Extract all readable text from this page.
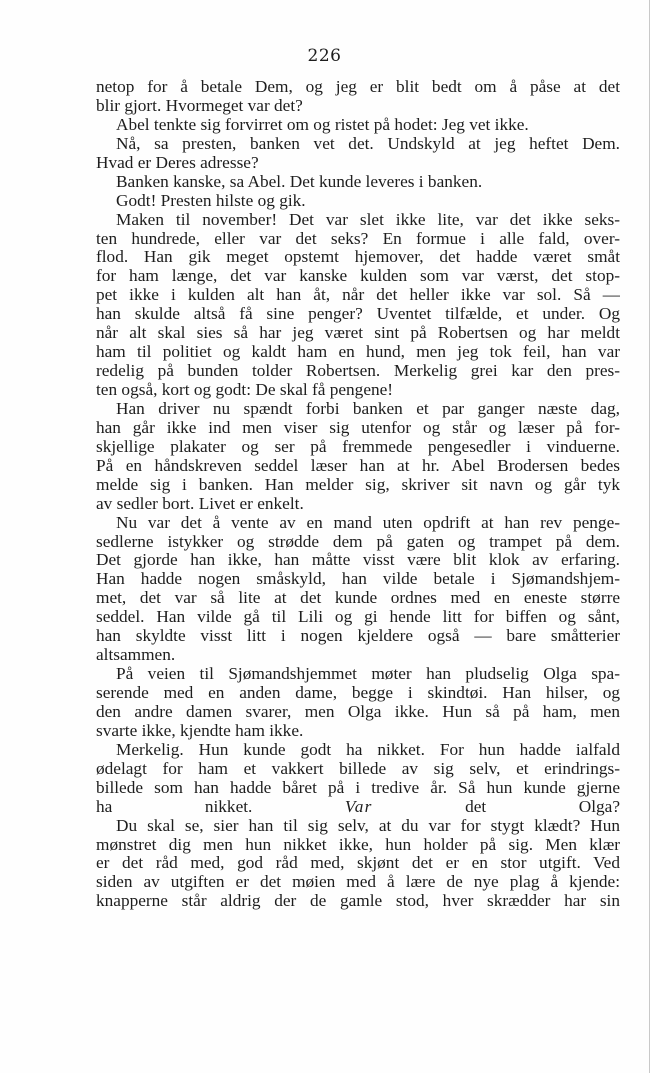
226
netop for å betale Dem, og jeg er blit bedt om å påse at det
blir gjort. Hvormeget var det?
Abel tenkte sig forvirret om og ristet på hodet: Jeg vet ikke.
Nå, sa presten, banken vet det. Undskyld at jeg heftet Dem.
Hvad er Deres adresse?
Banken kanske, sa Abel. Det kunde leveres i banken.
Godt! Presten hilste og gik.
Maken til november! Det var slet ikke lite, var det ikke seks-
ten hundrede, eller var det seks? En formue i alle fald, over-
flod. Han gik meget opstemt hjemover, det hadde været småt
for ham længe, det var kanske kulden som var værst, det stop-
pet ikke i kulden alt han åt, når det heller ikke var sol. Så —
han skulde altså få sine penger? Uventet tilfælde, et under. Og
når alt skal sies så har jeg været sint på Robertsen og har meldt
ham til politiet og kaldt ham en hund, men jeg tok feil, han var
redelig på bunden tolder Robertsen. Merkelig grei kar den pres-
ten også, kort og godt: De skal få pengene!
Han driver nu spændt forbi banken et par ganger næste dag,
han går ikke ind men viser sig utenfor og står og læser på for-
skjellige plakater og ser på fremmede pengesedler i vinduerne.
På en håndskreven seddel læser han at hr. Abel Brodersen bedes
melde sig i banken. Han melder sig, skriver sit navn og går tyk
av sedler bort. Livet er enkelt.
Nu var det å vente av en mand uten opdrift at han rev penge-
sedlerne istykker og strødde dem på gaten og trampet på dem.
Det gjorde han ikke, han måtte visst være blit klok av erfaring.
Han hadde nogen småskyld, han vilde betale i Sjømandshjem-
met, det var så lite at det kunde ordnes med en eneste større
seddel. Han vilde gå til Lili og gi hende litt for biffen og sånt,
han skyldte visst litt i nogen kjeldere også — bare småtterier
altsammen.
På veien til Sjømandshjemmet møter han pludselig Olga spa-
serende med en anden dame, begge i skindtøi. Han hilser, og
den andre damen svarer, men Olga ikke. Hun så på ham, men
svarte ikke, kjendte ham ikke.
Merkelig. Hun kunde godt ha nikket. For hun hadde ialfald
ødelagt for ham et vakkert billede av sig selv, et erindrings-
billede som han hadde båret på i tredive år. Så hun kunde gjerne
ha nikket.	Var det Olga?
Du skal se, sier han til sig selv, at du var for stygt klædt? Hun
mønstret dig men hun nikket ikke, hun holder på sig. Men klær
er det råd med, god råd med, skjønt det er en stor utgift. Ved
siden av utgiften er det møien med å lære de nye plag å kjende:
knapperne står aldrig der de gamle stod, hver skrædder har sin
